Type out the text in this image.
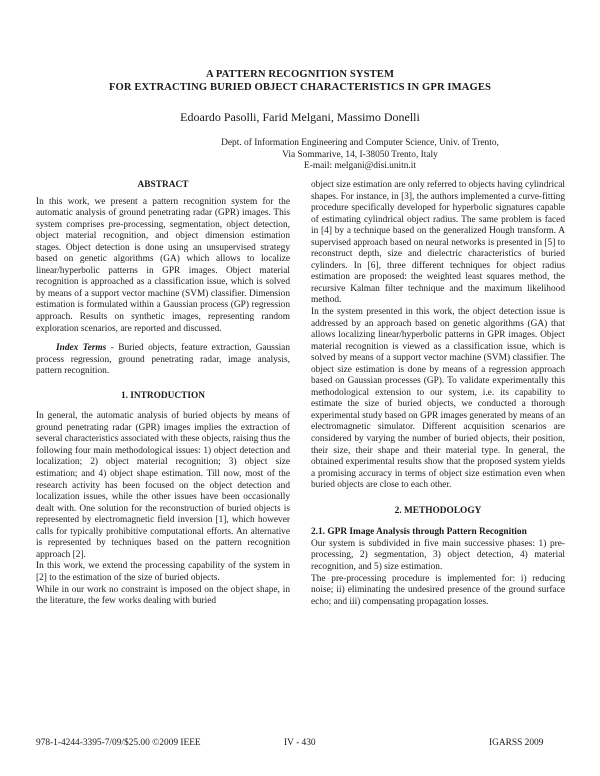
A PATTERN RECOGNITION SYSTEM
FOR EXTRACTING BURIED OBJECT CHARACTERISTICS IN GPR IMAGES
Edoardo Pasolli, Farid Melgani, Massimo Donelli
Dept. of Information Engineering and Computer Science, Univ. of Trento,
Via Sommarive, 14, I-38050 Trento, Italy
E-mail: melgani@disi.unitn.it

ABSTRACT

In this work, we present a pattern recognition system for the automatic analysis of ground penetrating radar (GPR) images. This system comprises pre-processing, segmentation, object detection, object material recognition, and object dimension estimation stages. Object detection is done using an unsupervised strategy based on genetic algorithms (GA) which allows to localize linear/hyperbolic patterns in GPR images. Object material recognition is approached as a classification issue, which is solved by means of a support vector machine (SVM) classifier. Dimension estimation is formulated within a Gaussian process (GP) regression approach. Results on synthetic images, representing random exploration scenarios, are reported and discussed.

Index Terms - Buried objects, feature extraction, Gaussian process regression, ground penetrating radar, image analysis, pattern recognition.

1. INTRODUCTION

In general, the automatic analysis of buried objects by means of ground penetrating radar (GPR) images implies the extraction of several characteristics associated with these objects, raising thus the following four main methodological issues: 1) object detection and localization; 2) object material recognition; 3) object size estimation; and 4) object shape estimation. Till now, most of the research activity has been focused on the object detection and localization issues, while the other issues have been occasionally dealt with. One solution for the reconstruction of buried objects is represented by electromagnetic field inversion [1], which however calls for typically prohibitive computational efforts. An alternative is represented by techniques based on the pattern recognition approach [2].

In this work, we extend the processing capability of the system in [2] to the estimation of the size of buried objects.

While in our work no constraint is imposed on the object shape, in the literature, the few works dealing with buried

object size estimation are only referred to objects having cylindrical shapes. For instance, in [3], the authors implemented a curve-fitting procedure specifically developed for hyperbolic signatures capable of estimating cylindrical object radius. The same problem is faced in [4] by a technique based on the generalized Hough transform. A supervised approach based on neural networks is presented in [5] to reconstruct depth, size and dielectric characteristics of buried cylinders. In [6], three different techniques for object radius estimation are proposed: the weighted least squares method, the recursive Kalman filter technique and the maximum likelihood method.

In the system presented in this work, the object detection issue is addressed by an approach based on genetic algorithms (GA) that allows localizing linear/hyperbolic patterns in GPR images. Object material recognition is viewed as a classification issue, which is solved by means of a support vector machine (SVM) classifier. The object size estimation is done by means of a regression approach based on Gaussian processes (GP). To validate experimentally this methodological extension to our system, i.e. its capability to estimate the size of buried objects, we conducted a thorough experimental study based on GPR images generated by means of an electromagnetic simulator. Different acquisition scenarios are considered by varying the number of buried objects, their position, their size, their shape and their material type. In general, the obtained experimental results show that the proposed system yields a promising accuracy in terms of object size estimation even when buried objects are close to each other.

2. METHODOLOGY

2.1. GPR Image Analysis through Pattern Recognition

Our system is subdivided in five main successive phases: 1) pre-processing, 2) segmentation, 3) object detection, 4) material recognition, and 5) size estimation.

The pre-processing procedure is implemented for: i) reducing noise; ii) eliminating the undesired presence of the ground surface echo; and iii) compensating propagation losses.

978-1-4244-3395-7/09/$25.00 ©2009 IEEE	IV - 430	IGARSS 2009
